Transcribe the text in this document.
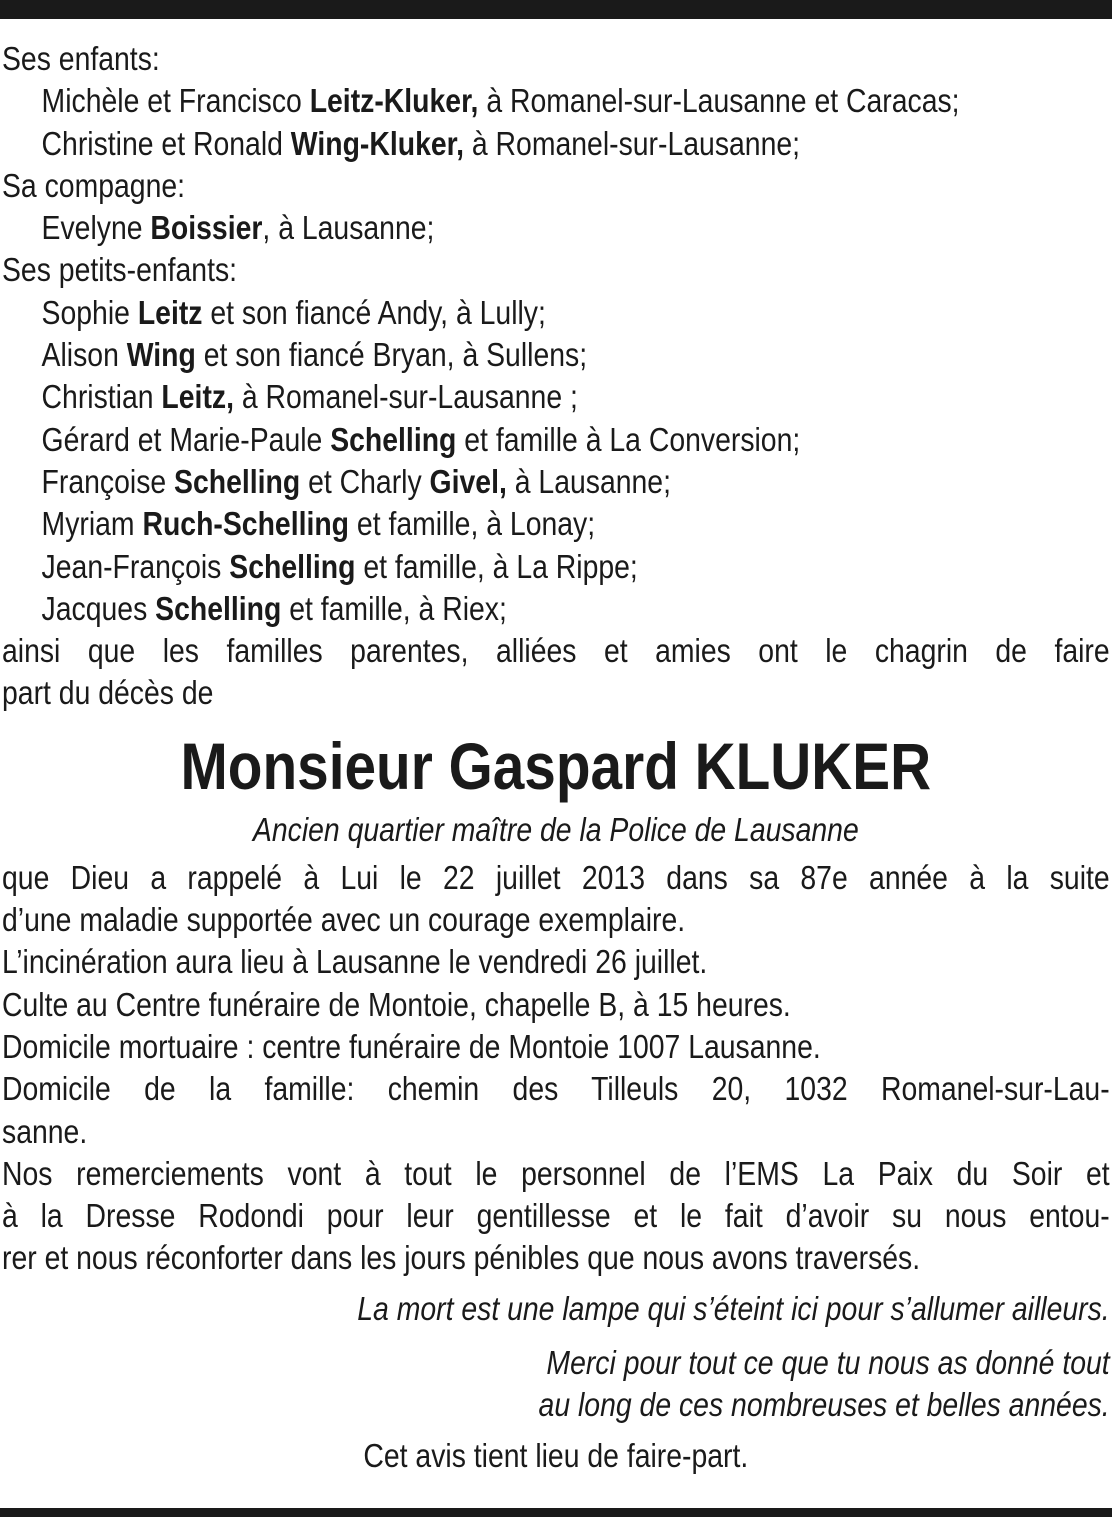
Ses enfants:
Michèle et Francisco Leitz-Kluker, à Romanel-sur-Lausanne et Caracas;
Christine et Ronald Wing-Kluker, à Romanel-sur-Lausanne;
Sa compagne:
Evelyne Boissier, à Lausanne;
Ses petits-enfants:
Sophie Leitz et son fiancé Andy, à Lully;
Alison Wing et son fiancé Bryan, à Sullens;
Christian Leitz, à Romanel-sur-Lausanne ;
Gérard et Marie-Paule Schelling et famille à La Conversion;
Françoise Schelling et Charly Givel, à Lausanne;
Myriam Ruch-Schelling et famille, à Lonay;
Jean-François Schelling et famille, à La Rippe;
Jacques Schelling et famille, à Riex;
ainsi que les familles parentes, alliées et amies ont le chagrin de faire
part du décès de
Monsieur Gaspard KLUKER
Ancien quartier maître de la Police de Lausanne
que Dieu a rappelé à Lui le 22 juillet 2013 dans sa 87e année à la suite
d’une maladie supportée avec un courage exemplaire.
L’incinération aura lieu à Lausanne le vendredi 26 juillet.
Culte au Centre funéraire de Montoie, chapelle B, à 15 heures.
Domicile mortuaire : centre funéraire de Montoie 1007 Lausanne.
Domicile de la famille: chemin des Tilleuls 20, 1032 Romanel-sur-Lau-
sanne.
Nos remerciements vont à tout le personnel de l’EMS La Paix du Soir et
à la Dresse Rodondi pour leur gentillesse et le fait d’avoir su nous entou-
rer et nous réconforter dans les jours pénibles que nous avons traversés.
La mort est une lampe qui s’éteint ici pour s’allumer ailleurs.
Merci pour tout ce que tu nous as donné tout
au long de ces nombreuses et belles années.
Cet avis tient lieu de faire-part.
